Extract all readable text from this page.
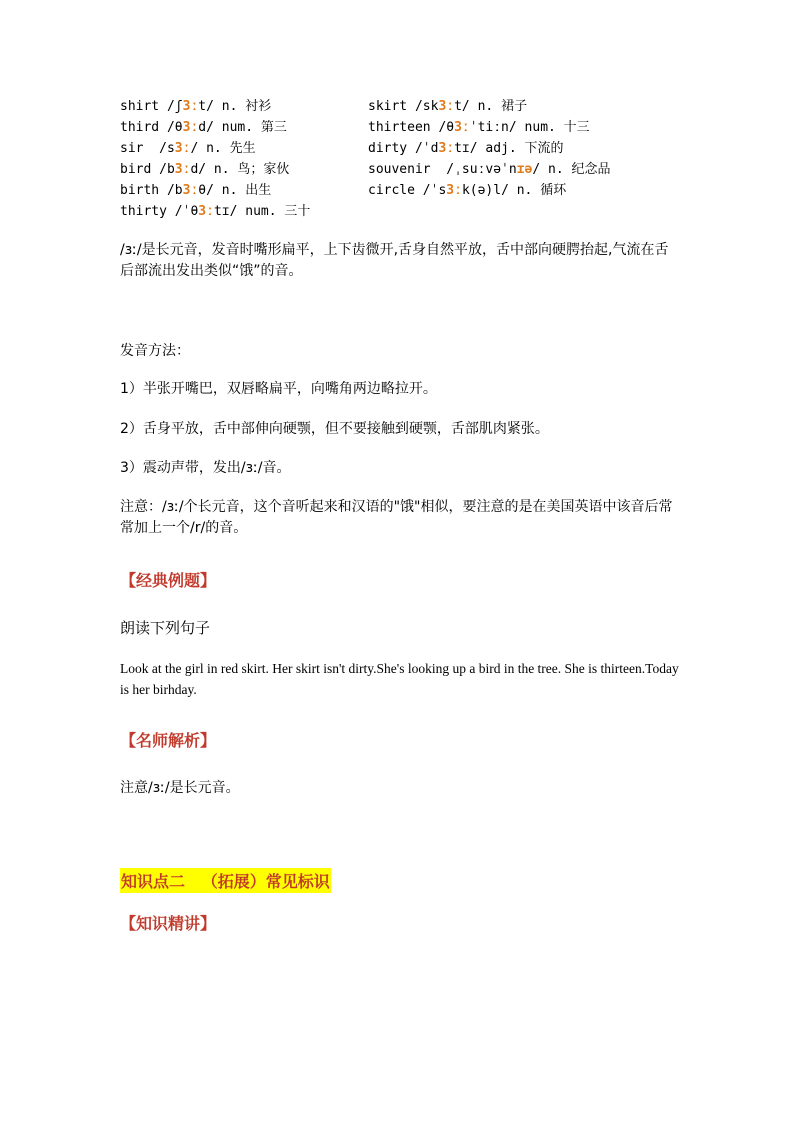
shirt /ʃ3ːt/ n. 衬衫	skirt /sk3ːt/ n. 裙子
third /θ3ːd/ num. 第三	thirteen /θ3ːˈtiːn/ num. 十三
sir  /s3ː/ n. 先生	dirty /ˈd3ːtɪ/ adj. 下流的
bird /b3ːd/ n. 鸟；家伙	souvenir  /ˌsuːvəˈnɪə/ n. 纪念品
birth /b3ːθ/ n. 出生	circle /ˈs3ːk(ə)l/ n. 循环
thirty /ˈθ3ːtɪ/ num. 三十
/ɜː/是长元音，发音时嘴形扁平，上下齿微开,舌身自然平放，舌中部向硬腭抬起,气流在舌后部流出发出类似“饿”的音。
发音方法：
1）半张开嘴巴，双唇略扁平，向嘴角两边略拉开。
2）舌身平放，舌中部伸向硬颚，但不要接触到硬颚，舌部肌肉紧张。
3）震动声带，发出/ɜː/音。
注意：/ɜː/个长元音，这个音听起来和汉语的"饿"相似，要注意的是在美国英语中该音后常常加上一个/r/的音。
【经典例题】
朗读下列句子
Look at the girl in red skirt. Her skirt isn't dirty.She's looking up a bird in the tree. She is thirteen.Today is her birhday.
【名师解析】
注意/ɜː/是长元音。
知识点二   （拓展）常见标识
【知识精讲】
